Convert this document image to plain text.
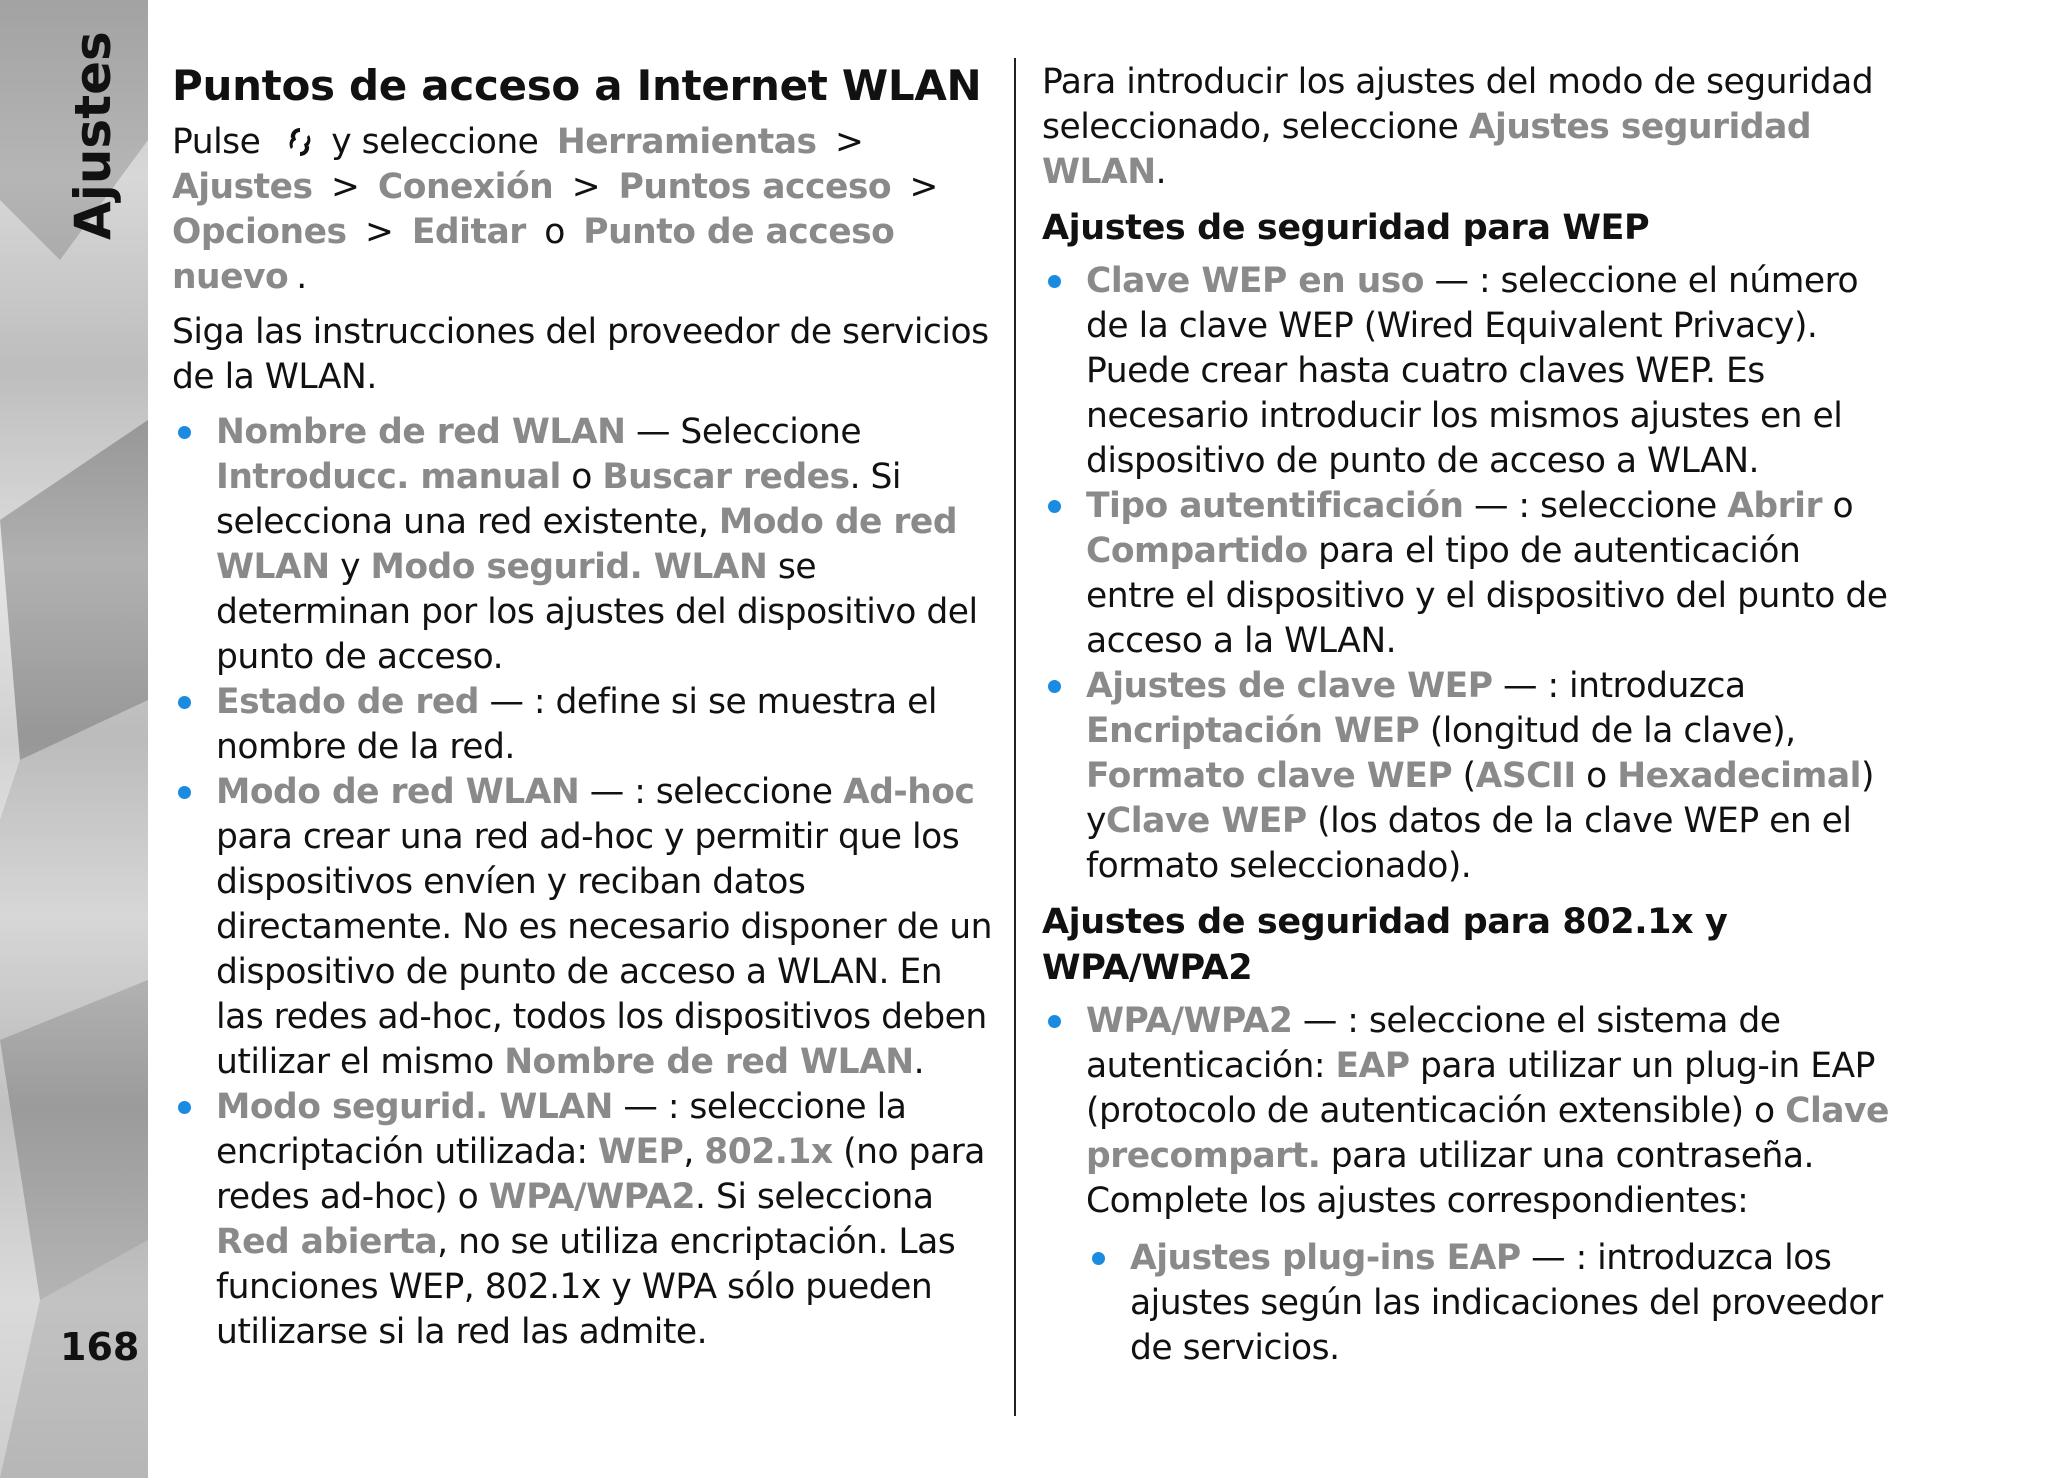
Ajustes
168
Puntos de acceso a Internet WLAN

Pulse y seleccione Herramientas > Ajustes > Conexión > Puntos acceso > Opciones > Editar o Punto de acceso nuevo .

Siga las instrucciones del proveedor de servicios de la WLAN.

Nombre de red WLAN — Seleccione Introducc. manual o Buscar redes. Si selecciona una red existente, Modo de red WLAN y Modo segurid. WLAN se determinan por los ajustes del dispositivo del punto de acceso.
Estado de red — : define si se muestra el nombre de la red.
Modo de red WLAN — : seleccione Ad-hoc para crear una red ad-hoc y permitir que los dispositivos envíen y reciban datos directamente. No es necesario disponer de un dispositivo de punto de acceso a WLAN. En las redes ad-hoc, todos los dispositivos deben utilizar el mismo Nombre de red WLAN.
Modo segurid. WLAN — : seleccione la encriptación utilizada: WEP, 802.1x (no para redes ad-hoc) o WPA/WPA2. Si selecciona Red abierta, no se utiliza encriptación. Las funciones WEP, 802.1x y WPA sólo pueden utilizarse si la red las admite.

Para introducir los ajustes del modo de seguridad seleccionado, seleccione Ajustes seguridad WLAN.

Ajustes de seguridad para WEP
Clave WEP en uso — : seleccione el número de la clave WEP (Wired Equivalent Privacy). Puede crear hasta cuatro claves WEP. Es necesario introducir los mismos ajustes en el dispositivo de punto de acceso a WLAN.
Tipo autentificación — : seleccione Abrir o Compartido para el tipo de autenticación entre el dispositivo y el dispositivo del punto de acceso a la WLAN.
Ajustes de clave WEP — : introduzca Encriptación WEP (longitud de la clave), Formato clave WEP (ASCII o Hexadecimal) yClave WEP (los datos de la clave WEP en el formato seleccionado).
Ajustes de seguridad para 802.1x y WPA/WPA2
WPA/WPA2 — : seleccione el sistema de autenticación: EAP para utilizar un plug-in EAP (protocolo de autenticación extensible) o Clave precompart. para utilizar una contraseña. Complete los ajustes correspondientes:
Ajustes plug-ins EAP — : introduzca los ajustes según las indicaciones del proveedor de servicios.
